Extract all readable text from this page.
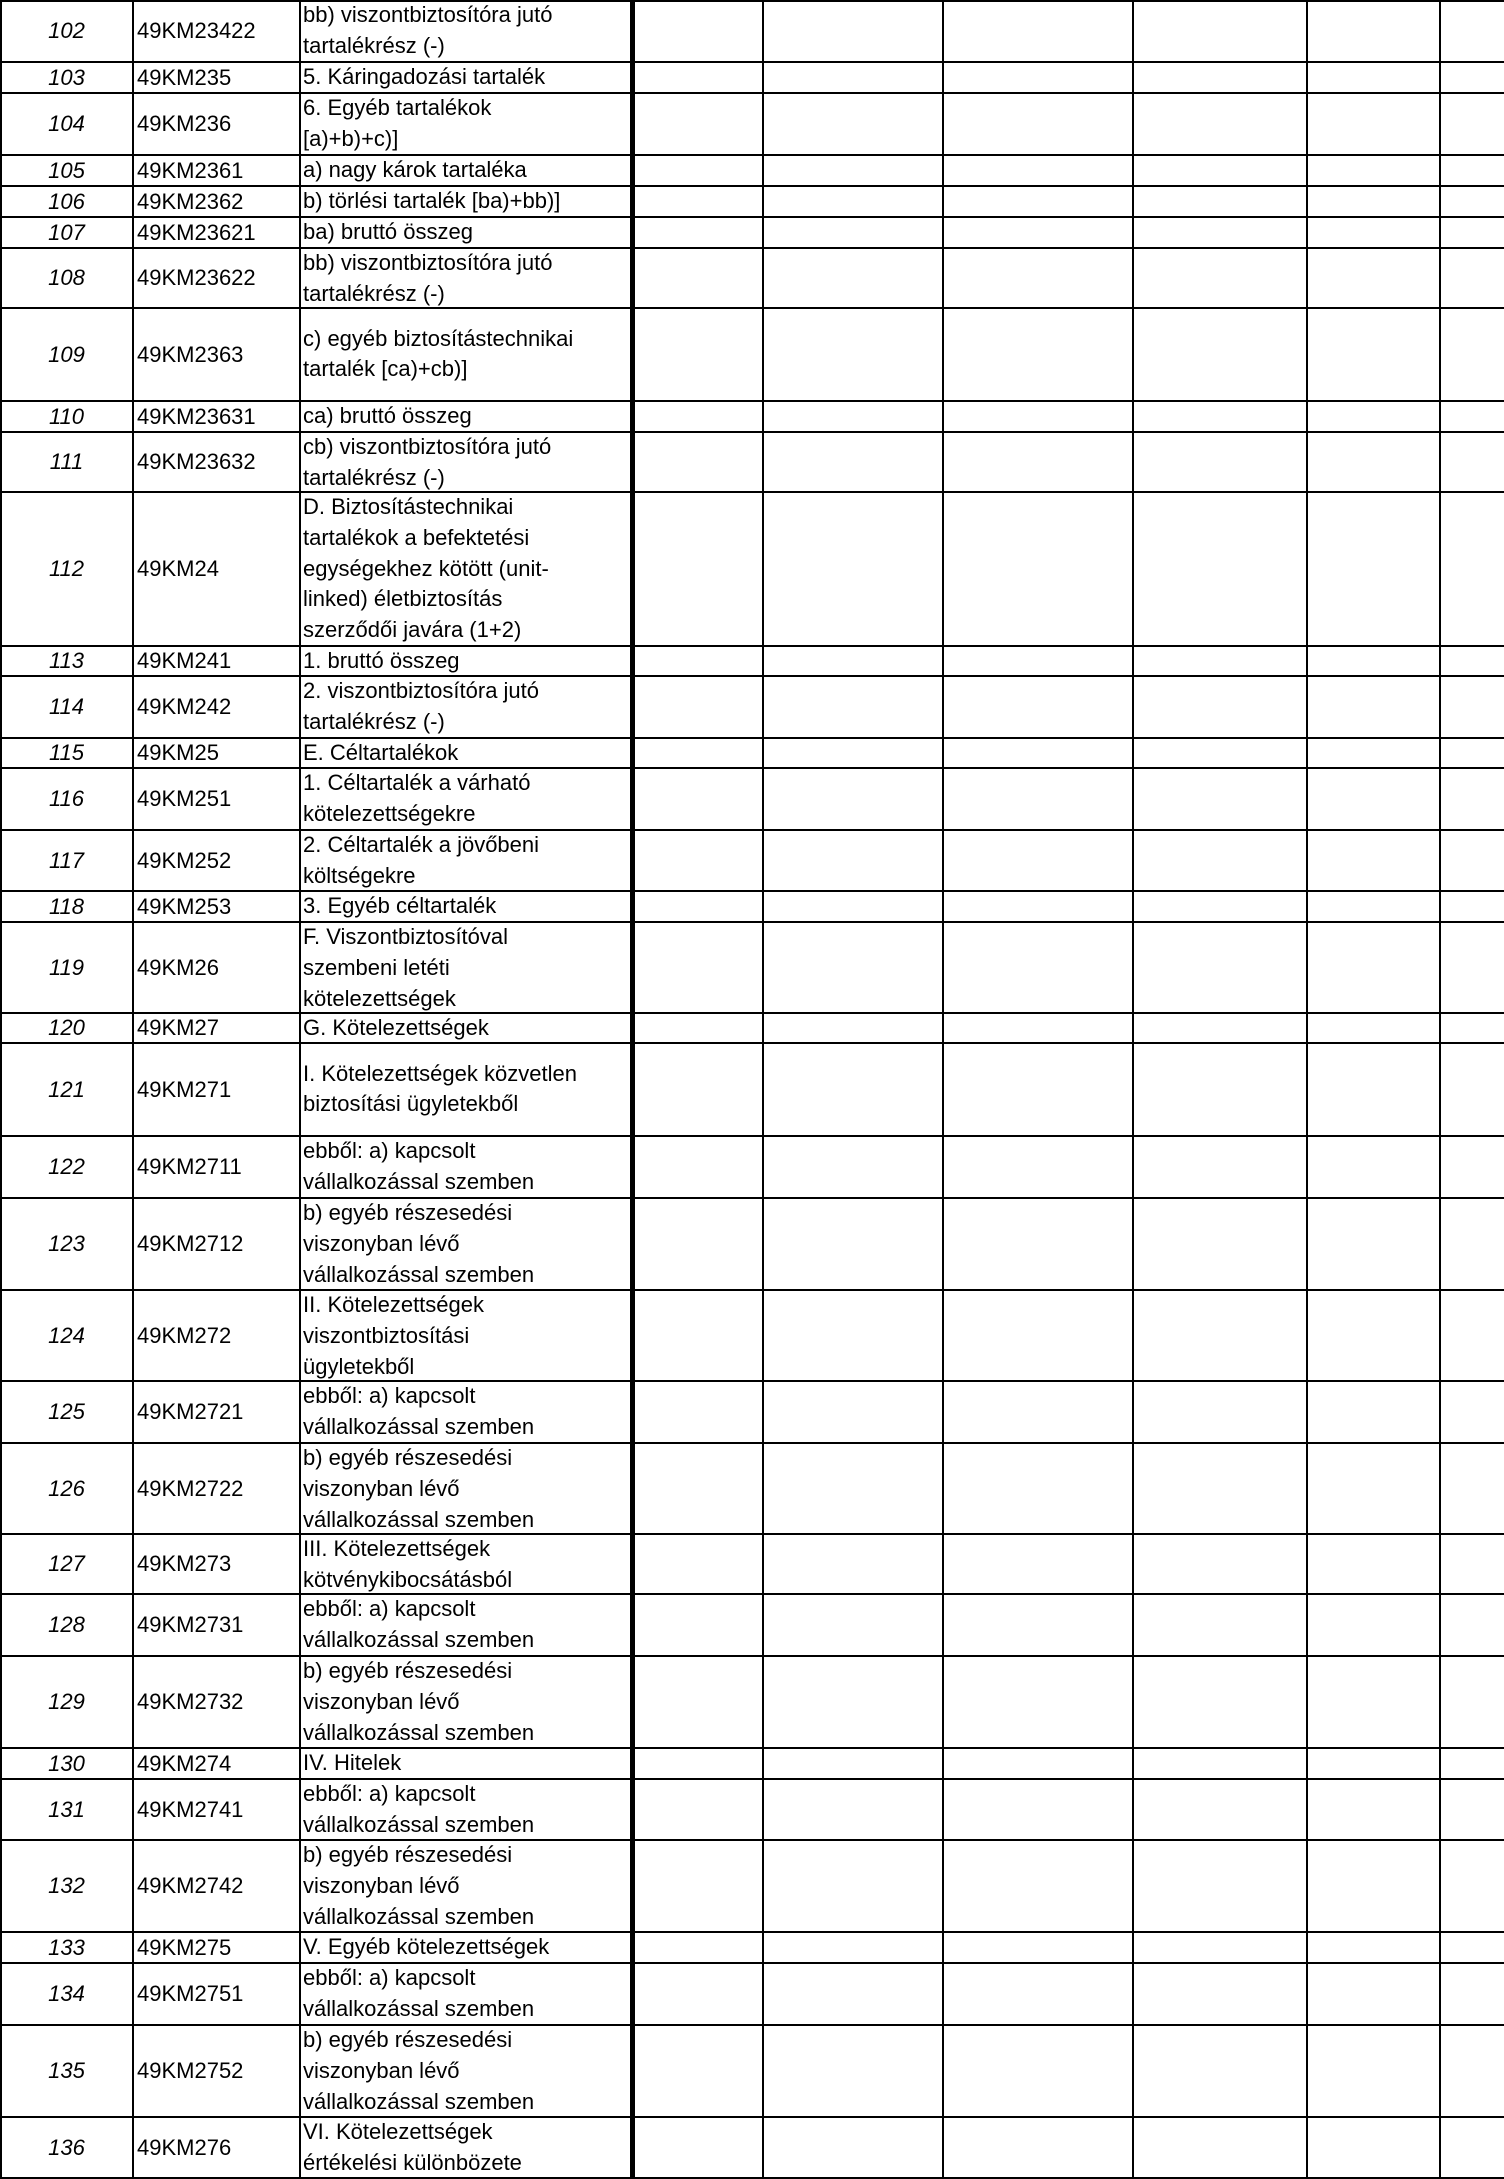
102	49KM23422
bb) viszontbiztosítóra jutó
tartalékrész (-)
103	49KM235	5. Káringadozási tartalék
104	49KM236
6. Egyéb tartalékok
[a)+b)+c)]
105	49KM2361	a) nagy károk tartaléka
106	49KM2362	b) törlési tartalék [ba)+bb)]
107	49KM23621	ba) bruttó összeg
108	49KM23622
bb) viszontbiztosítóra jutó
tartalékrész (-)
109	49KM2363
c) egyéb biztosítástechnikai
tartalék [ca)+cb)]
110	49KM23631	ca) bruttó összeg
111	49KM23632
cb) viszontbiztosítóra jutó
tartalékrész (-)
112	49KM24
D. Biztosítástechnikai
tartalékok a befektetési
egységekhez kötött (unit-
linked) életbiztosítás
szerződői javára (1+2)
113	49KM241	1. bruttó összeg
114	49KM242
2. viszontbiztosítóra jutó
tartalékrész (-)
115	49KM25	E. Céltartalékok
116	49KM251
1. Céltartalék a várható
kötelezettségekre
117	49KM252
2. Céltartalék a jövőbeni
költségekre
118	49KM253	3. Egyéb céltartalék
119	49KM26
F. Viszontbiztosítóval
szembeni letéti
kötelezettségek
120	49KM27	G. Kötelezettségek
121	49KM271
I. Kötelezettségek közvetlen
biztosítási ügyletekből
122	49KM2711
ebből: a) kapcsolt
vállalkozással szemben
123	49KM2712
b) egyéb részesedési
viszonyban lévő
vállalkozással szemben
124	49KM272
II. Kötelezettségek
viszontbiztosítási
ügyletekből
125	49KM2721
ebből: a) kapcsolt
vállalkozással szemben
126	49KM2722
b) egyéb részesedési
viszonyban lévő
vállalkozással szemben
127	49KM273
III. Kötelezettségek
kötvénykibocsátásból
128	49KM2731
ebből: a) kapcsolt
vállalkozással szemben
129	49KM2732
b) egyéb részesedési
viszonyban lévő
vállalkozással szemben
130	49KM274	IV. Hitelek
131	49KM2741
ebből: a) kapcsolt
vállalkozással szemben
132	49KM2742
b) egyéb részesedési
viszonyban lévő
vállalkozással szemben
133	49KM275	V. Egyéb kötelezettségek
134	49KM2751
ebből: a) kapcsolt
vállalkozással szemben
135	49KM2752
b) egyéb részesedési
viszonyban lévő
vállalkozással szemben
136	49KM276
VI. Kötelezettségek
értékelési különbözete
